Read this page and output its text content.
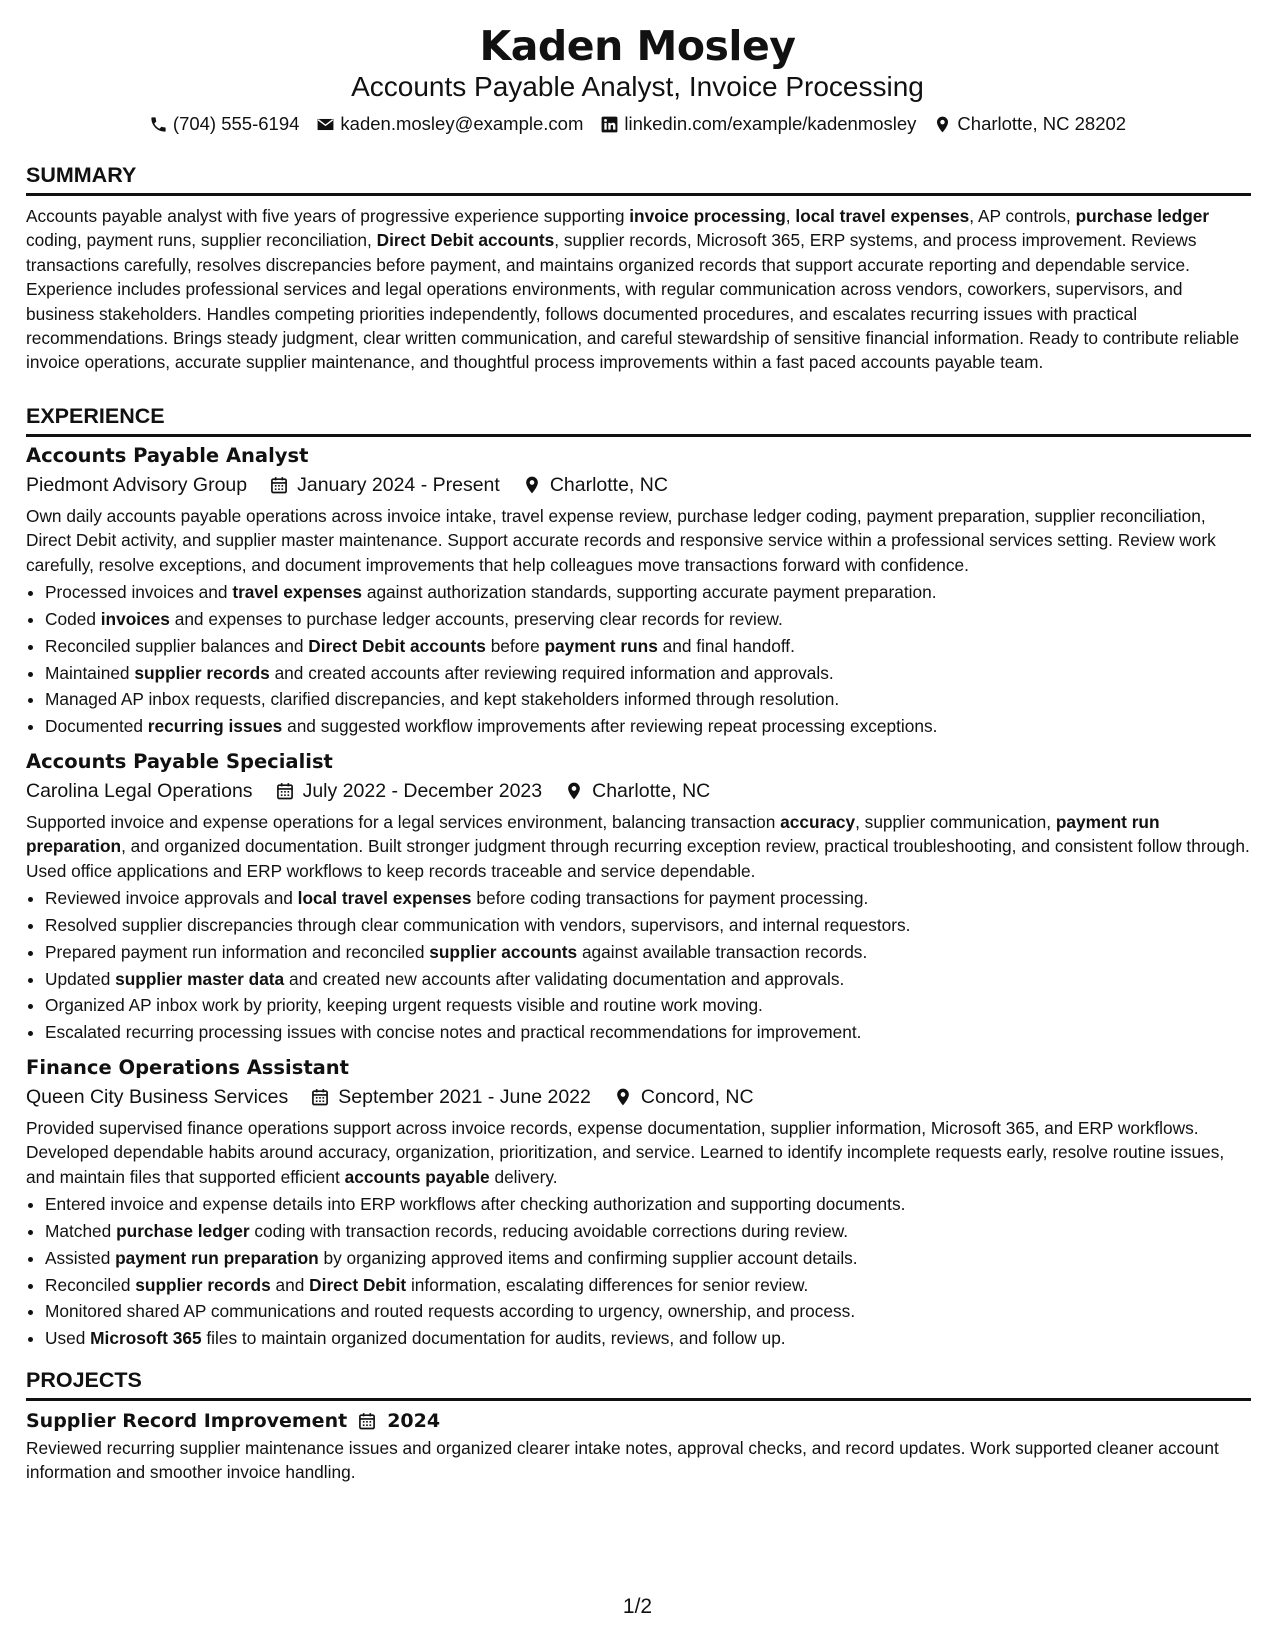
Kaden Mosley
Accounts Payable Analyst, Invoice Processing
(704) 555-6194 kaden.mosley@example.com linkedin.com/example/kadenmosley Charlotte, NC 28202
SUMMARY

Accounts payable analyst with five years of progressive experience supporting invoice processing, local travel expenses, AP controls, purchase ledger coding, payment runs, supplier reconciliation, Direct Debit accounts, supplier records, Microsoft 365, ERP systems, and process improvement. Reviews transactions carefully, resolves discrepancies before payment, and maintains organized records that support accurate reporting and dependable service. Experience includes professional services and legal operations environments, with regular communication across vendors, coworkers, supervisors, and business stakeholders. Handles competing priorities independently, follows documented procedures, and escalates recurring issues with practical recommendations. Brings steady judgment, clear written communication, and careful stewardship of sensitive financial information. Ready to contribute reliable invoice operations, accurate supplier maintenance, and thoughtful process improvements within a fast paced accounts payable team.

EXPERIENCE
Accounts Payable Analyst
Piedmont Advisory Group	January 2024 - Present	Charlotte, NC

Own daily accounts payable operations across invoice intake, travel expense review, purchase ledger coding, payment preparation, supplier reconciliation, Direct Debit activity, and supplier master maintenance. Support accurate records and responsive service within a professional services setting. Review work carefully, resolve exceptions, and document improvements that help colleagues move transactions forward with confidence.

• Processed invoices and travel expenses against authorization standards, supporting accurate payment preparation.
• Coded invoices and expenses to purchase ledger accounts, preserving clear records for review.
• Reconciled supplier balances and Direct Debit accounts before payment runs and final handoff.
• Maintained supplier records and created accounts after reviewing required information and approvals.
• Managed AP inbox requests, clarified discrepancies, and kept stakeholders informed through resolution.
• Documented recurring issues and suggested workflow improvements after reviewing repeat processing exceptions.
Accounts Payable Specialist
Carolina Legal Operations	July 2022 - December 2023	Charlotte, NC

Supported invoice and expense operations for a legal services environment, balancing transaction accuracy, supplier communication, payment run preparation, and organized documentation. Built stronger judgment through recurring exception review, practical troubleshooting, and consistent follow through. Used office applications and ERP workflows to keep records traceable and service dependable.

• Reviewed invoice approvals and local travel expenses before coding transactions for payment processing.
• Resolved supplier discrepancies through clear communication with vendors, supervisors, and internal requestors.
• Prepared payment run information and reconciled supplier accounts against available transaction records.
• Updated supplier master data and created new accounts after validating documentation and approvals.
• Organized AP inbox work by priority, keeping urgent requests visible and routine work moving.
• Escalated recurring processing issues with concise notes and practical recommendations for improvement.
Finance Operations Assistant
Queen City Business Services	September 2021 - June 2022	Concord, NC

Provided supervised finance operations support across invoice records, expense documentation, supplier information, Microsoft 365, and ERP workflows. Developed dependable habits around accuracy, organization, prioritization, and service. Learned to identify incomplete requests early, resolve routine issues, and maintain files that supported efficient accounts payable delivery.

• Entered invoice and expense details into ERP workflows after checking authorization and supporting documents.
• Matched purchase ledger coding with transaction records, reducing avoidable corrections during review.
• Assisted payment run preparation by organizing approved items and confirming supplier account details.
• Reconciled supplier records and Direct Debit information, escalating differences for senior review.
• Monitored shared AP communications and routed requests according to urgency, ownership, and process.
• Used Microsoft 365 files to maintain organized documentation for audits, reviews, and follow up.
PROJECTS
Supplier Record Improvement 2024

Reviewed recurring supplier maintenance issues and organized clearer intake notes, approval checks, and record updates. Work supported cleaner account information and smoother invoice handling.

1/2
